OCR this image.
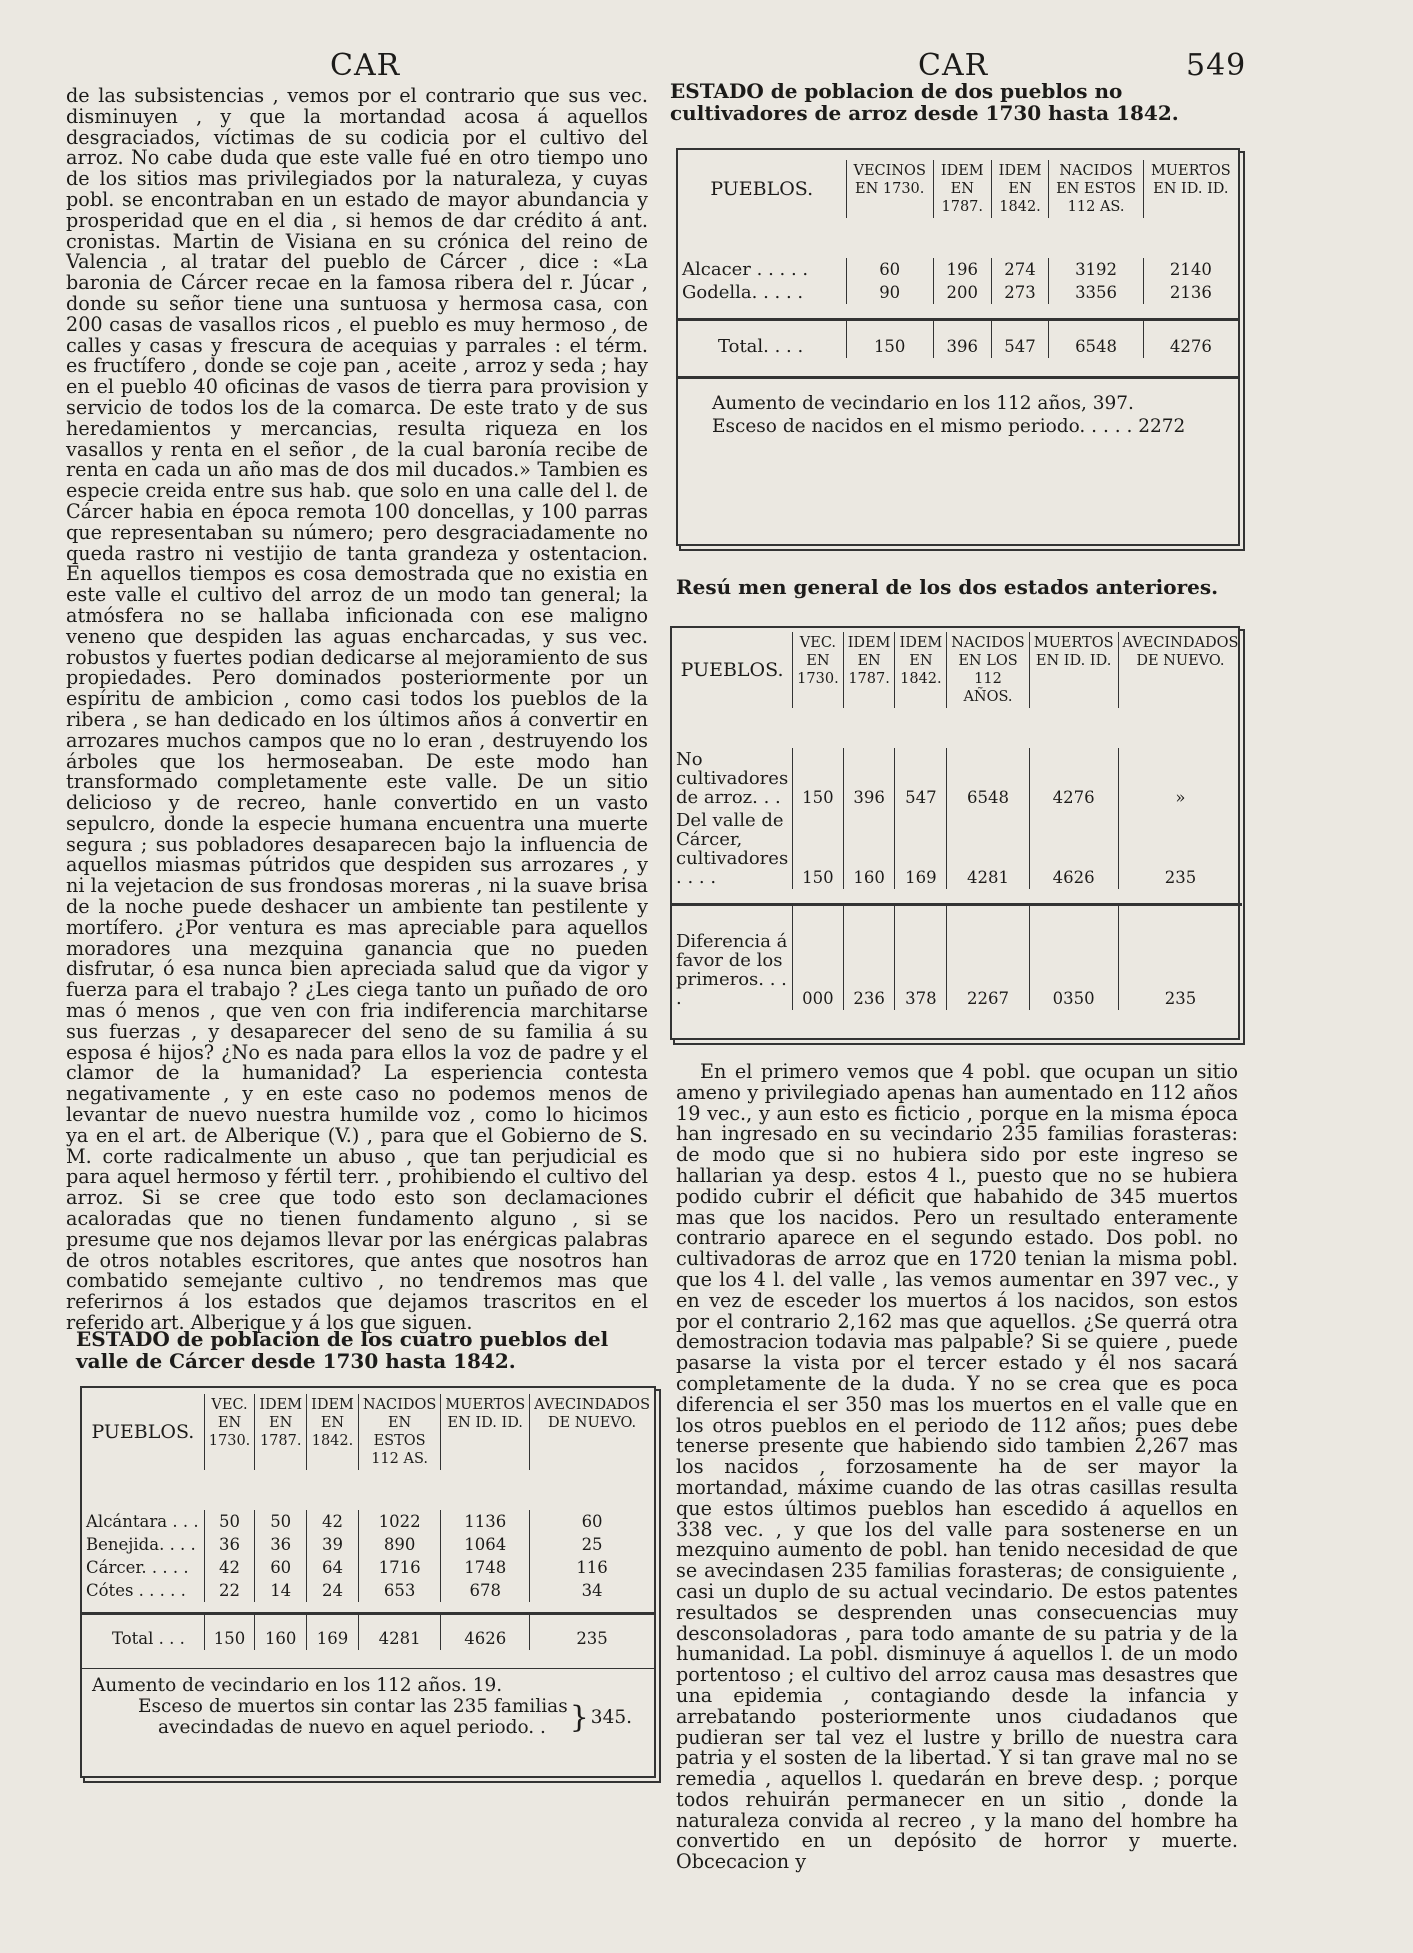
CAR	CAR	549

de las subsistencias , vemos por el contrario que sus vec. disminuyen , y que la mortandad acosa á aquellos desgraciados, víctimas de su codicia por el cultivo del arroz. No cabe duda que este valle fué en otro tiempo uno de los sitios mas privilegiados por la naturaleza, y cuyas pobl. se encontraban en un estado de mayor abundancia y prosperidad que en el dia , si hemos de dar crédito á ant. cronistas. Martin de Visiana en su crónica del reino de Valencia , al tratar del pueblo de Cárcer , dice : «La baronia de Cárcer recae en la famosa ribera del r. Júcar , donde su señor tiene una suntuosa y hermosa casa, con 200 casas de vasallos ricos , el pueblo es muy hermoso , de calles y casas y frescura de acequias y parrales : el térm. es fructífero , donde se coje pan , aceite , arroz y seda ; hay en el pueblo 40 oficinas de vasos de tierra para provision y servicio de todos los de la comarca. De este trato y de sus heredamientos y mercancias, resulta riqueza en los vasallos y renta en el señor , de la cual baronía recibe de renta en cada un año mas de dos mil ducados.» Tambien es especie creida entre sus hab. que solo en una calle del l. de Cárcer habia en época remota 100 doncellas, y 100 parras que representaban su número; pero desgraciadamente no queda rastro ni vestijio de tanta grandeza y ostentacion. En aquellos tiempos es cosa demostrada que no existia en este valle el cultivo del arroz de un modo tan general; la atmósfera no se hallaba inficionada con ese maligno veneno que despiden las aguas encharcadas, y sus vec. robustos y fuertes podian dedicarse al mejoramiento de sus propiedades. Pero dominados posteriormente por un espíritu de ambicion , como casi todos los pueblos de la ribera , se han dedicado en los últimos años á convertir en arrozares muchos campos que no lo eran , destruyendo los árboles que los hermoseaban. De este modo han transformado completamente este valle. De un sitio delicioso y de recreo, hanle convertido en un vasto sepulcro, donde la especie humana encuentra una muerte segura ; sus pobladores desaparecen bajo la influencia de aquellos miasmas pútridos que despiden sus arrozares , y ni la vejetacion de sus frondosas moreras , ni la suave brisa de la noche puede deshacer un ambiente tan pestilente y mortífero. ¿Por ventura es mas apreciable para aquellos moradores una mezquina ganancia que no pueden disfrutar, ó esa nunca bien apreciada salud que da vigor y fuerza para el trabajo ? ¿Les ciega tanto un puñado de oro mas ó menos , que ven con fria indiferencia marchitarse sus fuerzas , y desaparecer del seno de su familia á su esposa é hijos? ¿No es nada para ellos la voz de padre y el clamor de la humanidad? La esperiencia contesta negativamente , y en este caso no podemos menos de levantar de nuevo nuestra humilde voz , como lo hicimos ya en el art. de Alberique (V.) , para que el Gobierno de S. M. corte radicalmente un abuso , que tan perjudicial es para aquel hermoso y fértil terr. , prohibiendo el cultivo del arroz. Si se cree que todo esto son declamaciones acaloradas que no tienen fundamento alguno , si se presume que nos dejamos llevar por las enérgicas palabras de otros notables escritores, que antes que nosotros han combatido semejante cultivo , no tendremos mas que referirnos á los estados que dejamos trascritos en el referido art. Alberique y á los que siguen.

ESTADO de poblacion de los cuatro pueblos del valle de Cárcer desde 1730 hasta 1842.
PUEBLOS.	VEC. EN 1730.	IDEM EN 1787.	IDEM EN 1842.	NACIDOS EN ESTOS 112 AS.	MUERTOS EN ID. ID.	AVECINDADOS DE NUEVO.

Alcántara . . .	50	50	42	1022	1136	60
Benejida. . . .	36	36	39	890	1064	25
Cárcer. . . . .	42	60	64	1716	1748	116
Cótes . . . . .	22	14	24	653	678	34

Total . . .	150	160	169	4281	4626	235
Aumento de vecindario en los 112 años. 19.
Esceso de muertos sin contar las 235 familias
avecindadas de nuevo en aquel periodo. . } 345.
ESTADO de poblacion de dos pueblos no cultivadores de arroz desde 1730 hasta 1842.
PUEBLOS.	VECINOS EN 1730.	IDEM EN 1787.	IDEM EN 1842.	NACIDOS EN ESTOS 112 AS.	MUERTOS EN ID. ID.

Alcacer . . . . .	60	196	274	3192	2140
Godella. . . . .	90	200	273	3356	2136

Total. . . .	150	396	547	6548	4276
Aumento de vecindario en los 112 años, 397.
Esceso de nacidos en el mismo periodo. . . . . 2272
Resú men general de los dos estados anteriores.
PUEBLOS.	VEC. EN 1730.	IDEM EN 1787.	IDEM EN 1842.	NACIDOS EN LOS 112 AÑOS.	MUERTOS EN ID. ID.	AVECINDADOS DE NUEVO.

No cultivadores de arroz. . .	150	396	547	6548	4276	»
Del valle de Cárcer, cultivadores . . . .	150	160	169	4281	4626	235

Diferencia á favor de los primeros. . . .	000	236	378	2267	0350	235

En el primero vemos que 4 pobl. que ocupan un sitio ameno y privilegiado apenas han aumentado en 112 años 19 vec., y aun esto es ficticio , porque en la misma época han ingresado en su vecindario 235 familias forasteras: de modo que si no hubiera sido por este ingreso se hallarian ya desp. estos 4 l., puesto que no se hubiera podido cubrir el déficit que habahido de 345 muertos mas que los nacidos. Pero un resultado enteramente contrario aparece en el segundo estado. Dos pobl. no cultivadoras de arroz que en 1720 tenian la misma pobl. que los 4 l. del valle , las vemos aumentar en 397 vec., y en vez de esceder los muertos á los nacidos, son estos por el contrario 2,162 mas que aquellos. ¿Se querrá otra demostracion todavia mas palpable? Si se quiere , puede pasarse la vista por el tercer estado y él nos sacará completamente de la duda. Y no se crea que es poca diferencia el ser 350 mas los muertos en el valle que en los otros pueblos en el periodo de 112 años; pues debe tenerse presente que habiendo sido tambien 2,267 mas los nacidos , forzosamente ha de ser mayor la mortandad, máxime cuando de las otras casillas resulta que estos últimos pueblos han escedido á aquellos en 338 vec. , y que los del valle para sostenerse en un mezquino aumento de pobl. han tenido necesidad de que se avecindasen 235 familias forasteras; de consiguiente , casi un duplo de su actual vecindario. De estos patentes resultados se desprenden unas consecuencias muy desconsoladoras , para todo amante de su patria y de la humanidad. La pobl. disminuye á aquellos l. de un modo portentoso ; el cultivo del arroz causa mas desastres que una epidemia , contagiando desde la infancia y arrebatando posteriormente unos ciudadanos que pudieran ser tal vez el lustre y brillo de nuestra cara patria y el sosten de la libertad. Y si tan grave mal no se remedia , aquellos l. quedarán en breve desp. ; porque todos rehuirán permanecer en un sitio , donde la naturaleza convida al recreo , y la mano del hombre ha convertido en un depósito de horror y muerte. Obcecacion y
